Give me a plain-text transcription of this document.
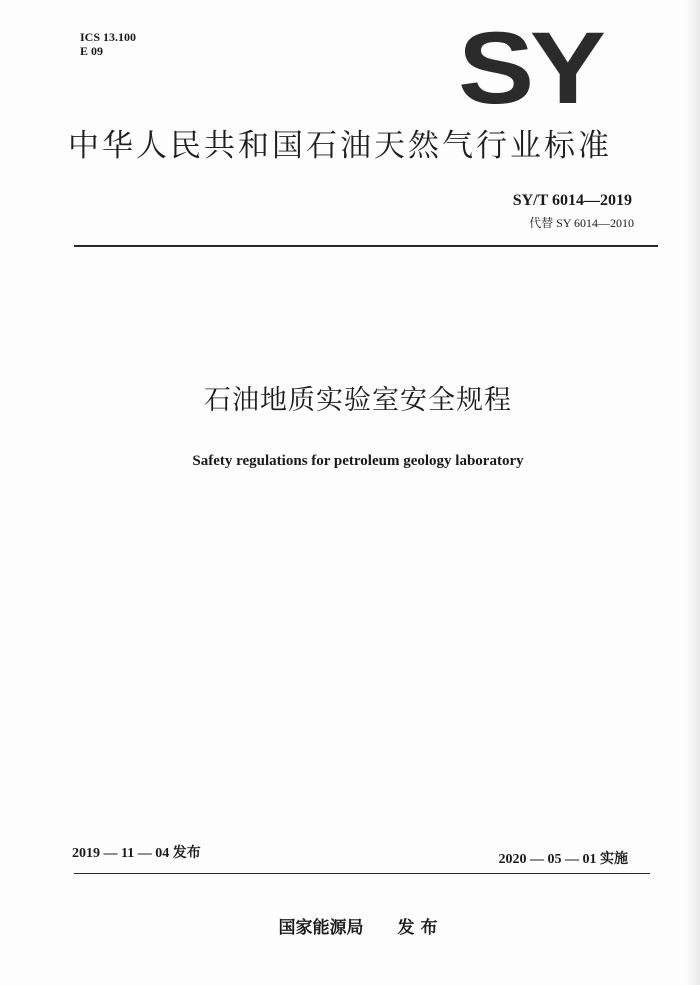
ICS 13.100
E 09	SY
中华人民共和国石油天然气行业标准
SY/T 6014—2019
代替 SY 6014—2010
石油地质实验室安全规程
Safety regulations for petroleum geology laboratory
2019 — 11 — 04 发布	2020 — 05 — 01 实施
国家能源局 发 布
